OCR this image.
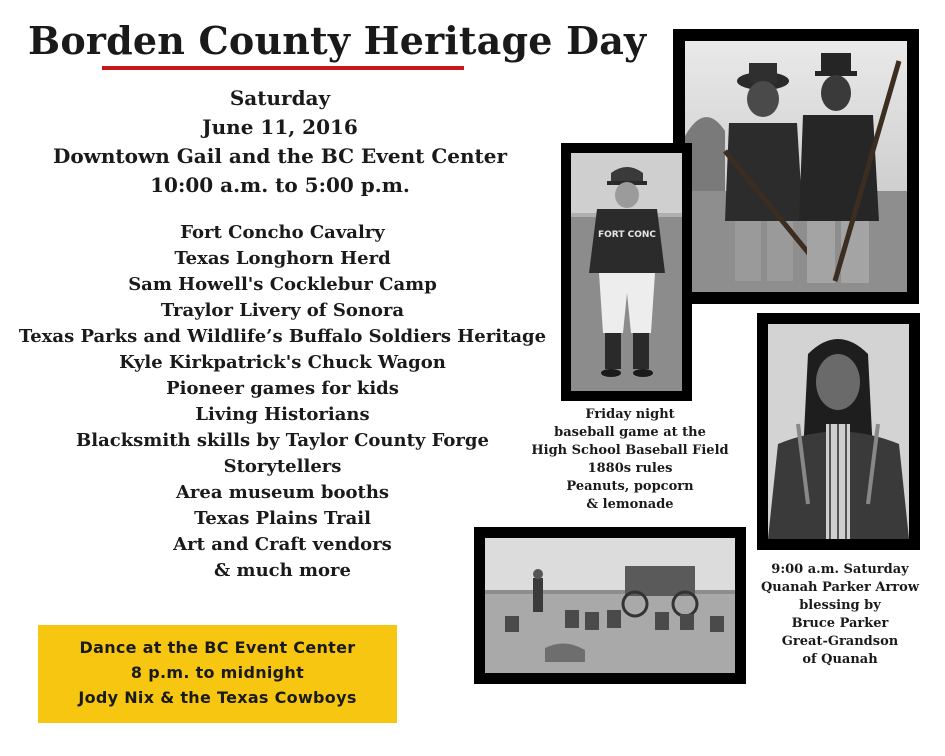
Borden County Heritage Day
Saturday
June 11, 2016
Downtown Gail and the BC Event Center
10:00 a.m. to 5:00 p.m.
Fort Concho Cavalry
Texas Longhorn Herd
Sam Howell's Cocklebur Camp
Traylor Livery of Sonora
Texas Parks and Wildlife’s Buffalo Soldiers Heritage
Kyle Kirkpatrick's Chuck Wagon
Pioneer games for kids
Living Historians
Blacksmith skills by Taylor County Forge
Storytellers
Area museum booths
Texas Plains Trail
Art and Craft vendors
& much more
Dance at the BC Event Center
8 p.m. to midnight
Jody Nix & the Texas Cowboys
FORT CONC
Friday night
baseball game at the
High School Baseball Field
1880s rules
Peanuts, popcorn
& lemonade
9:00 a.m. Saturday
Quanah Parker Arrow
blessing by
Bruce Parker
Great-Grandson
of Quanah
